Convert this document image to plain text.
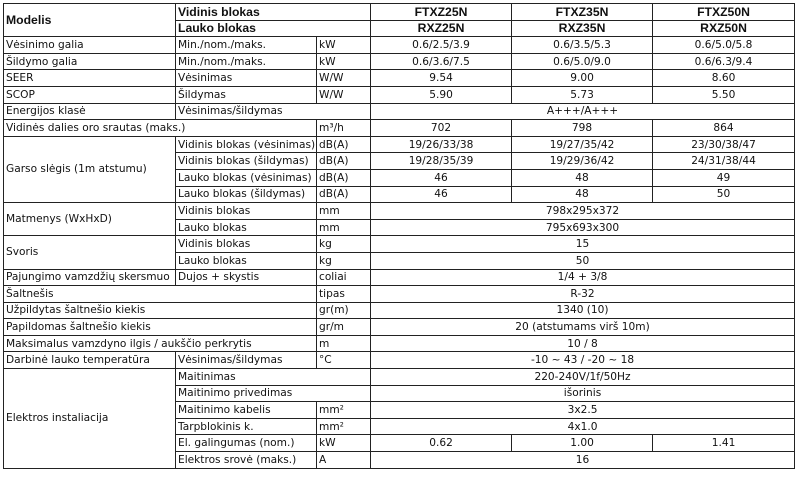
Modelis	Vidinis blokas		FTXZ25N	FTXZ35N	FTXZ50N
	Lauko blokas		RXZ25N	RXZ35N	RXZ50N
Vėsinimo galia	Min./nom./maks.	kW	0.6/2.5/3.9	0.6/3.5/5.3	0.6/5.0/5.8
Šildymo galia	Min./nom./maks.	kW	0.6/3.6/7.5	0.6/5.0/9.0	0.6/6.3/9.4
SEER	Vėsinimas	W/W	9.54	9.00	8.60
SCOP	Šildymas	W/W	5.90	5.73	5.50
Energijos klasė	Vėsinimas/šildymas		A+++/A+++		
Vidinės dalies oro srautas (maks.)		m³/h	702	798	864
Garso slėgis (1m atstumu)	Vidinis blokas (vėsinimas)	dB(A)	19/26/33/38	19/27/35/42	23/30/38/47
	Vidinis blokas (šildymas)	dB(A)	19/28/35/39	19/29/36/42	24/31/38/44
	Lauko blokas (vėsinimas)	dB(A)	46	48	49
	Lauko blokas (šildymas)	dB(A)	46	48	50
Matmenys (WxHxD)	Vidinis blokas	mm	798x295x372		
	Lauko blokas	mm	795x693x300		
Svoris	Vidinis blokas	kg	15		
	Lauko blokas	kg	50		
Pajungimo vamzdžių skersmuo	Dujos + skystis	coliai	1/4 + 3/8		
Šaltnešis		tipas	R-32		
Užpildytas šaltnešio kiekis		gr(m)	1340 (10)		
Papildomas šaltnešio kiekis		gr/m	20 (atstumams virš 10m)		
Maksimalus vamzdyno ilgis / aukščio perkrytis		m	10 / 8		
Darbinė lauko temperatūra	Vėsinimas/šildymas	°C	-10 ~ 43 / -20 ~ 18		
Elektros instaliacija	Maitinimas		220-240V/1f/50Hz		
	Maitinimo privedimas		išorinis		
	Maitinimo kabelis	mm²	3x2.5		
	Tarpblokinis k.	mm²	4x1.0		
	El. galingumas (nom.)	kW	0.62	1.00	1.41
	Elektros srovė (maks.)	A	16		
